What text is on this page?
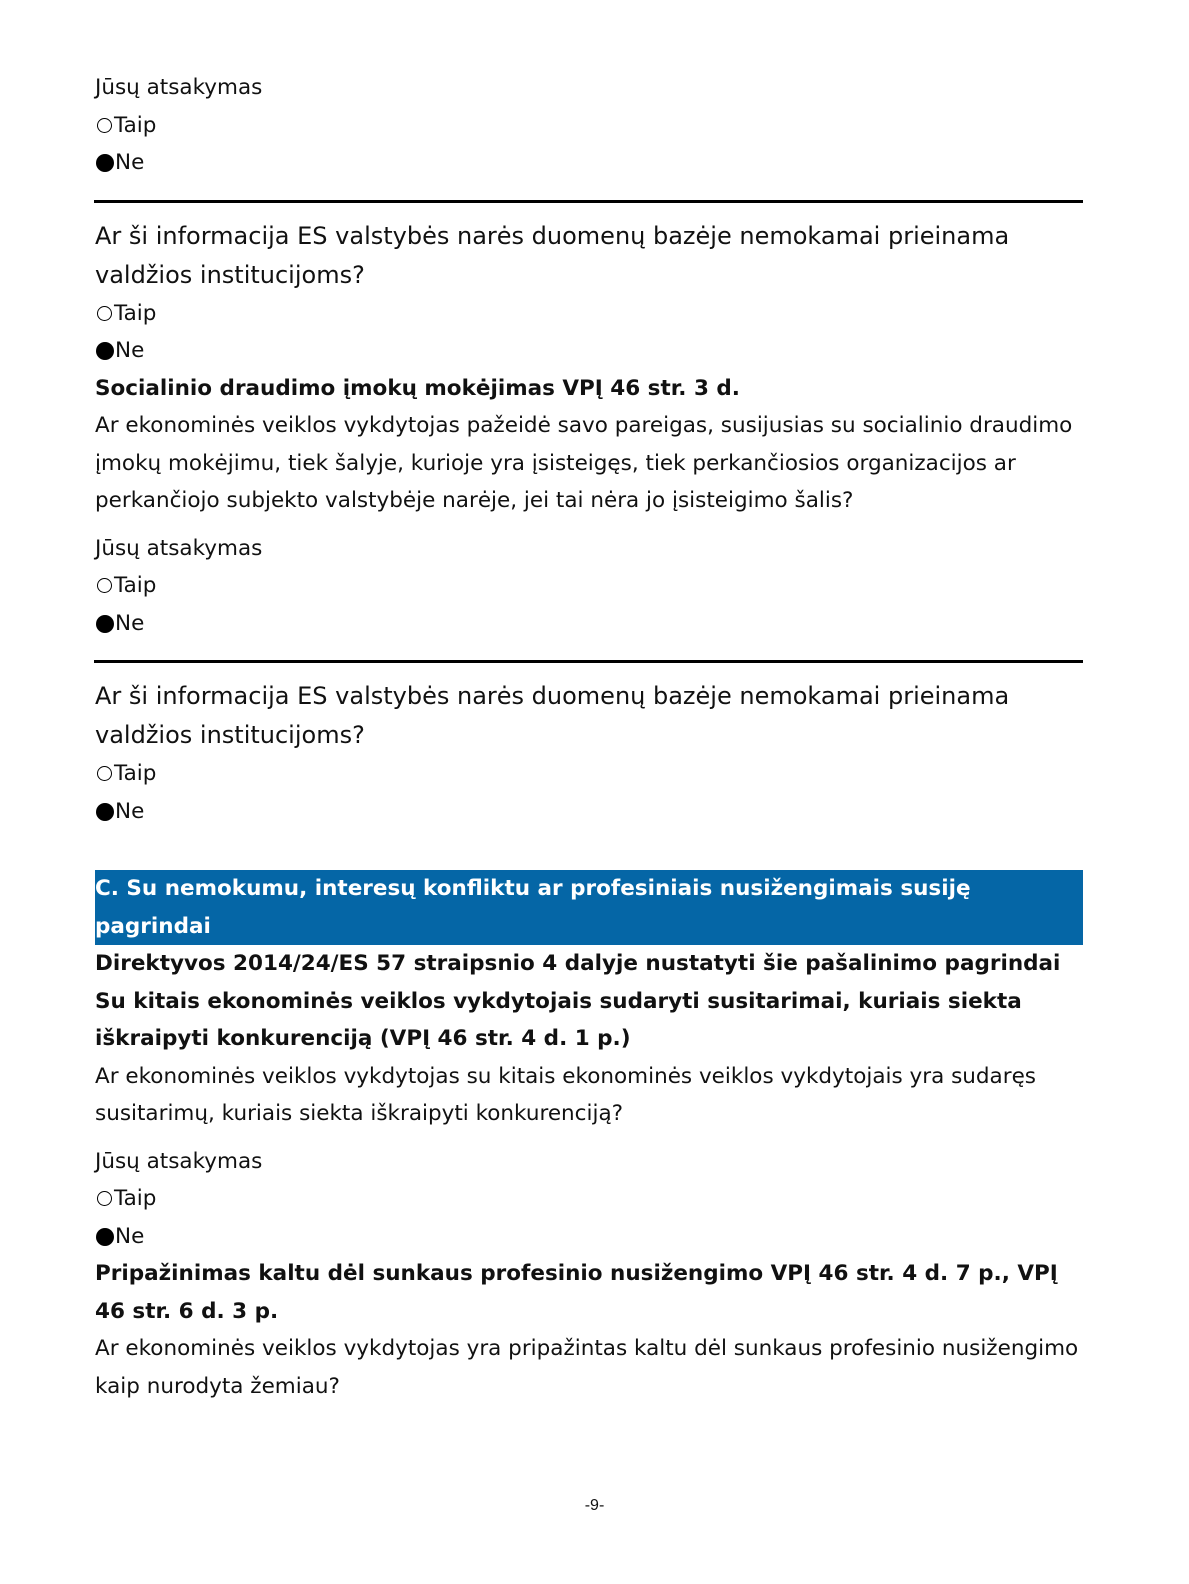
Jūsų atsakymas
Taip
Ne
Ar ši informacija ES valstybės narės duomenų bazėje nemokamai prieinama valdžios institucijoms?
Taip
Ne
Socialinio draudimo įmokų mokėjimas VPĮ 46 str. 3 d.
Ar ekonominės veiklos vykdytojas pažeidė savo pareigas, susijusias su socialinio draudimo įmokų mokėjimu, tiek šalyje, kurioje yra įsisteigęs, tiek perkančiosios organizacijos ar perkančiojo subjekto valstybėje narėje, jei tai nėra jo įsisteigimo šalis?
Jūsų atsakymas
Taip
Ne
Ar ši informacija ES valstybės narės duomenų bazėje nemokamai prieinama valdžios institucijoms?
Taip
Ne
C. Su nemokumu, interesų konfliktu ar profesiniais nusižengimais susiję pagrindai
Direktyvos 2014/24/ES 57 straipsnio 4 dalyje nustatyti šie pašalinimo pagrindai
Su kitais ekonominės veiklos vykdytojais sudaryti susitarimai, kuriais siekta iškraipyti konkurenciją (VPĮ 46 str. 4 d. 1 p.)
Ar ekonominės veiklos vykdytojas su kitais ekonominės veiklos vykdytojais yra sudaręs susitarimų, kuriais siekta iškraipyti konkurenciją?
Jūsų atsakymas
Taip
Ne
Pripažinimas kaltu dėl sunkaus profesinio nusižengimo VPĮ 46 str. 4 d. 7 p., VPĮ 46 str. 6 d. 3 p.
Ar ekonominės veiklos vykdytojas yra pripažintas kaltu dėl sunkaus profesinio nusižengimo kaip nurodyta žemiau?
-9-
